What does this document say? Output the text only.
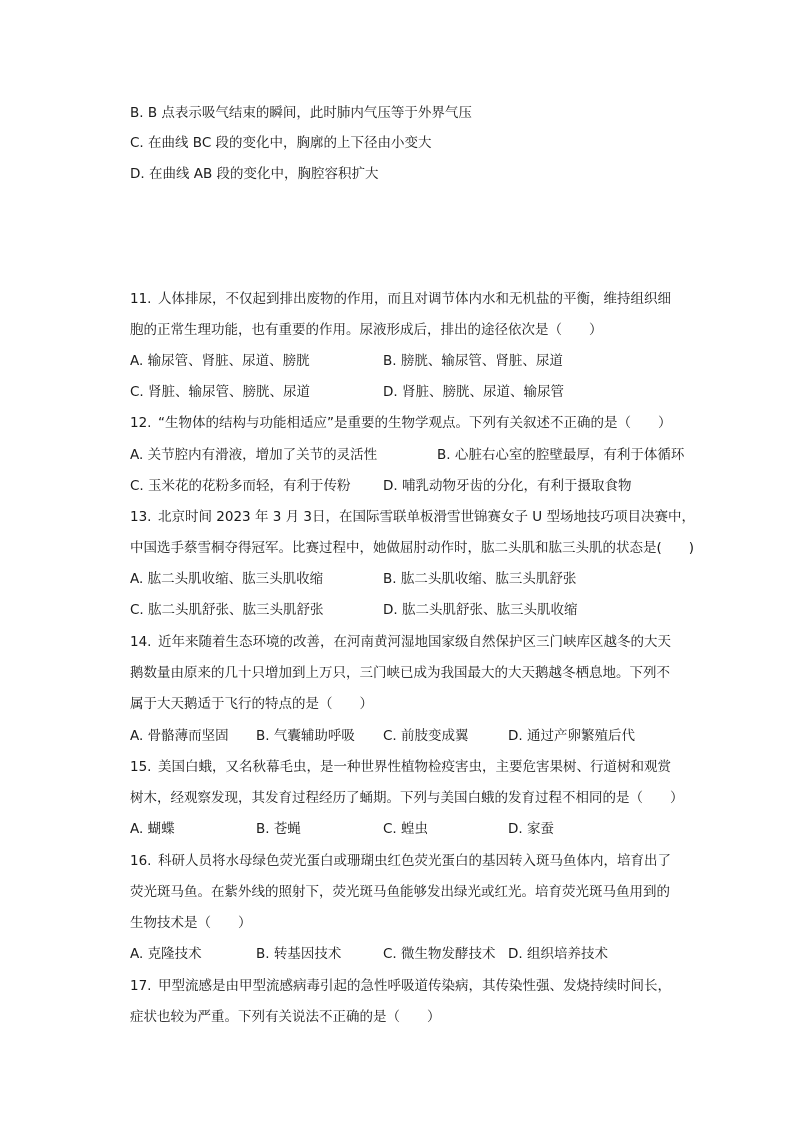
B. B 点表示吸气结束的瞬间，此时肺内气压等于外界气压
C. 在曲线 BC 段的变化中，胸廓的上下径由小变大
D. 在曲线 AB 段的变化中，胸腔容积扩大
11. 人体排尿，不仅起到排出废物的作用，而且对调节体内水和无机盐的平衡，维持组织细
胞的正常生理功能，也有重要的作用。尿液形成后，排出的途径依次是（　　）
A. 输尿管、肾脏、尿道、膀胱	B. 膀胱、输尿管、肾脏、尿道
C. 肾脏、输尿管、膀胱、尿道	D. 肾脏、膀胱、尿道、输尿管
12. “生物体的结构与功能相适应”是重要的生物学观点。下列有关叙述不正确的是（　　）
A. 关节腔内有滑液，增加了关节的灵活性	B. 心脏右心室的腔壁最厚，有利于体循环
C. 玉米花的花粉多而轻，有利于传粉 D. 哺乳动物牙齿的分化，有利于摄取食物
13. 北京时间 2023 年 3 月 3日，在国际雪联单板滑雪世锦赛女子 U 型场地技巧项目决赛中，
中国选手蔡雪桐夺得冠军。比赛过程中，她做屈肘动作时，肱二头肌和肱三头肌的状态是(　　)
A. 肱二头肌收缩、肱三头肌收缩	B. 肱二头肌收缩、肱三头肌舒张
C. 肱二头肌舒张、肱三头肌舒张	D. 肱二头肌舒张、肱三头肌收缩
14. 近年来随着生态环境的改善，在河南黄河湿地国家级自然保护区三门峡库区越冬的大天
鹅数量由原来的几十只增加到上万只，三门峡已成为我国最大的大天鹅越冬栖息地。下列不
属于大天鹅适于飞行的特点的是（　　）
A. 骨骼薄而坚固 B. 气囊辅助呼吸 C. 前肢变成翼	D. 通过产卵繁殖后代
15. 美国白蛾，又名秋幕毛虫，是一种世界性植物检疫害虫，主要危害果树、行道树和观赏
树木，经观察发现，其发育过程经历了蛹期。下列与美国白蛾的发育过程不相同的是（　　）
A. 蝴蝶	B. 苍蝇	C. 蝗虫	D. 家蚕
16. 科研人员将水母绿色荧光蛋白或珊瑚虫红色荧光蛋白的基因转入斑马鱼体内，培育出了
荧光斑马鱼。在紫外线的照射下，荧光斑马鱼能够发出绿光或红光。培育荧光斑马鱼用到的
生物技术是（　　）
A. 克隆技术	B. 转基因技术	C. 微生物发酵技术 D. 组织培养技术
17. 甲型流感是由甲型流感病毒引起的急性呼吸道传染病，其传染性强、发烧持续时间长，
症状也较为严重。下列有关说法不正确的是（　　）
